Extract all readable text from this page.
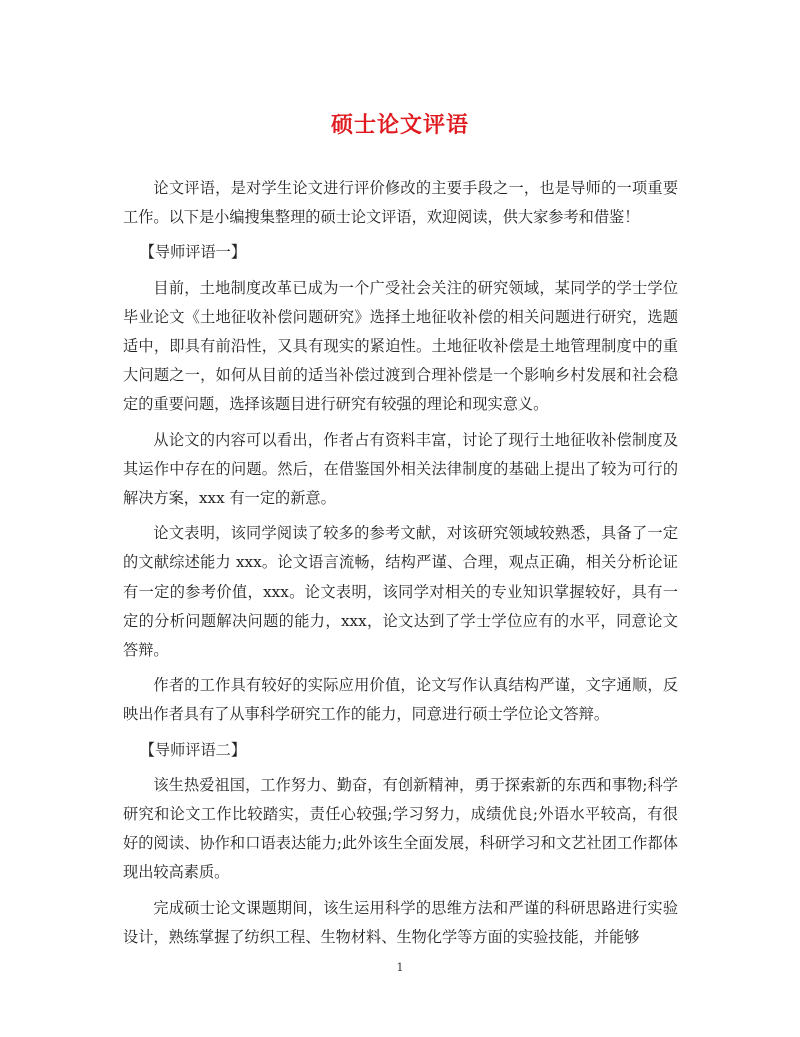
硕士论文评语

论文评语，是对学生论文进行评价修改的主要手段之一，也是导师的一项重要工作。以下是小编搜集整理的硕士论文评语，欢迎阅读，供大家参考和借鉴！

【导师评语一】

目前，土地制度改革已成为一个广受社会关注的研究领域，某同学的学士学位毕业论文《土地征收补偿问题研究》选择土地征收补偿的相关问题进行研究，选题适中，即具有前沿性，又具有现实的紧迫性。土地征收补偿是土地管理制度中的重大问题之一，如何从目前的适当补偿过渡到合理补偿是一个影响乡村发展和社会稳定的重要问题，选择该题目进行研究有较强的理论和现实意义。

从论文的内容可以看出，作者占有资料丰富，讨论了现行土地征收补偿制度及其运作中存在的问题。然后，在借鉴国外相关法律制度的基础上提出了较为可行的解决方案，xxx 有一定的新意。

论文表明，该同学阅读了较多的参考文献，对该研究领域较熟悉，具备了一定的文献综述能力 xxx。论文语言流畅，结构严谨、合理，观点正确，相关分析论证有一定的参考价值，xxx。论文表明，该同学对相关的专业知识掌握较好，具有一定的分析问题解决问题的能力，xxx，论文达到了学士学位应有的水平，同意论文答辩。

作者的工作具有较好的实际应用价值，论文写作认真结构严谨，文字通顺，反映出作者具有了从事科学研究工作的能力，同意进行硕士学位论文答辩。

【导师评语二】

该生热爱祖国，工作努力、勤奋，有创新精神，勇于探索新的东西和事物;科学研究和论文工作比较踏实，责任心较强;学习努力，成绩优良;外语水平较高，有很好的阅读、协作和口语表达能力;此外该生全面发展，科研学习和文艺社团工作都体现出较高素质。

完成硕士论文课题期间，该生运用科学的思维方法和严谨的科研思路进行实验设计，熟练掌握了纺织工程、生物材料、生物化学等方面的实验技能，并能够

1
